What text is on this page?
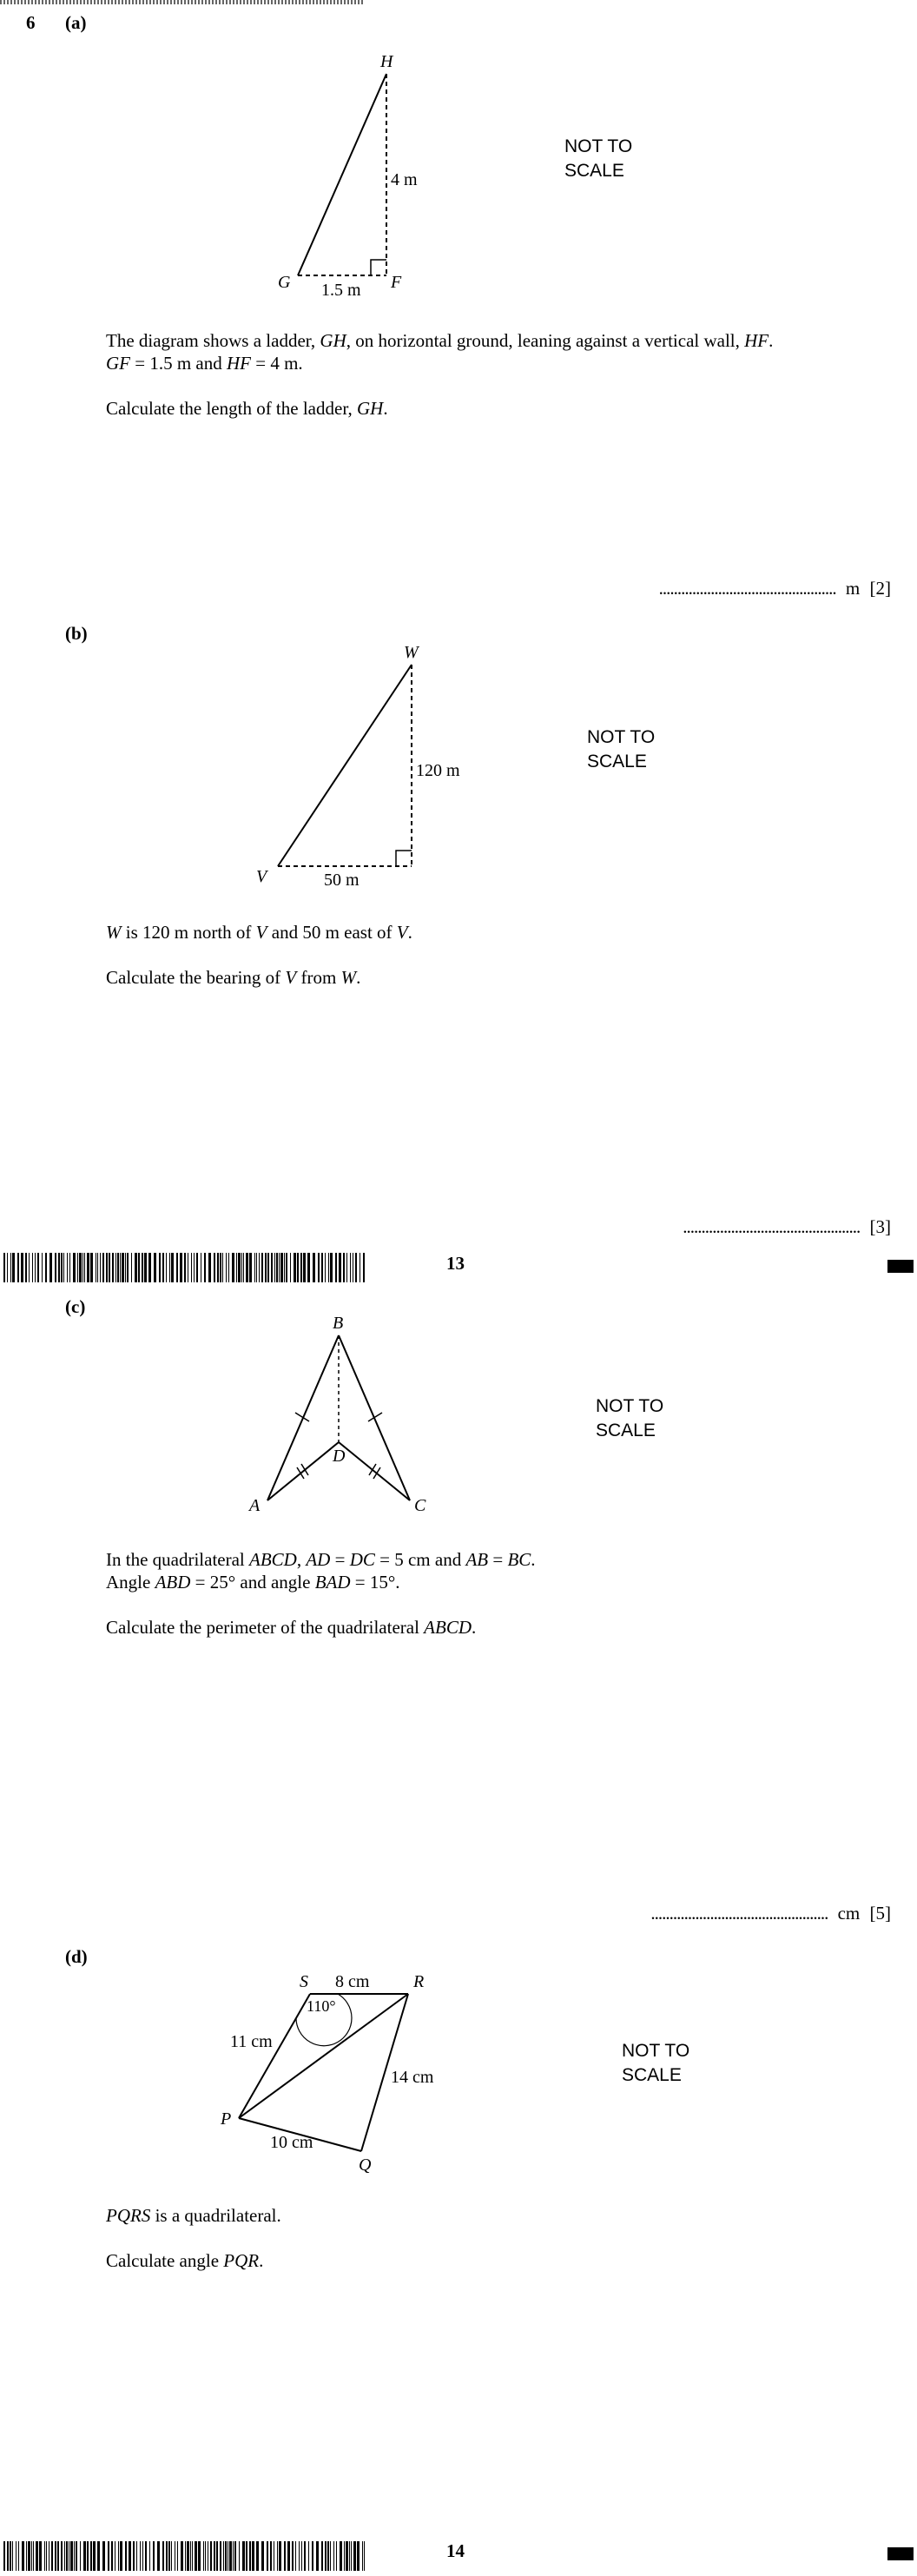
6 (a)
H
G	F
4 m
1.5 m
NOT TO
SCALE
The diagram shows a ladder, GH, on horizontal ground, leaning against a vertical wall, HF.
GF = 1.5 m and HF = 4 m.
Calculate the length of the ladder, GH.
................................................ m [2]
(b)
W
V
120 m
50 m
NOT TO
SCALE
W is 120 m north of V and 50 m east of V.
Calculate the bearing of V from W.
................................................ [3]
13
(c)
B
A	C
D
NOT TO
SCALE
In the quadrilateral ABCD, AD = DC = 5 cm and AB = BC.
Angle ABD = 25° and angle BAD = 15°.
Calculate the perimeter of the quadrilateral ABCD.
................................................ cm [5]
(d)
S	R
P
Q
8 cm
11 cm
14 cm
10 cm
110°
NOT TO
SCALE
PQRS is a quadrilateral.
Calculate angle PQR.
14
